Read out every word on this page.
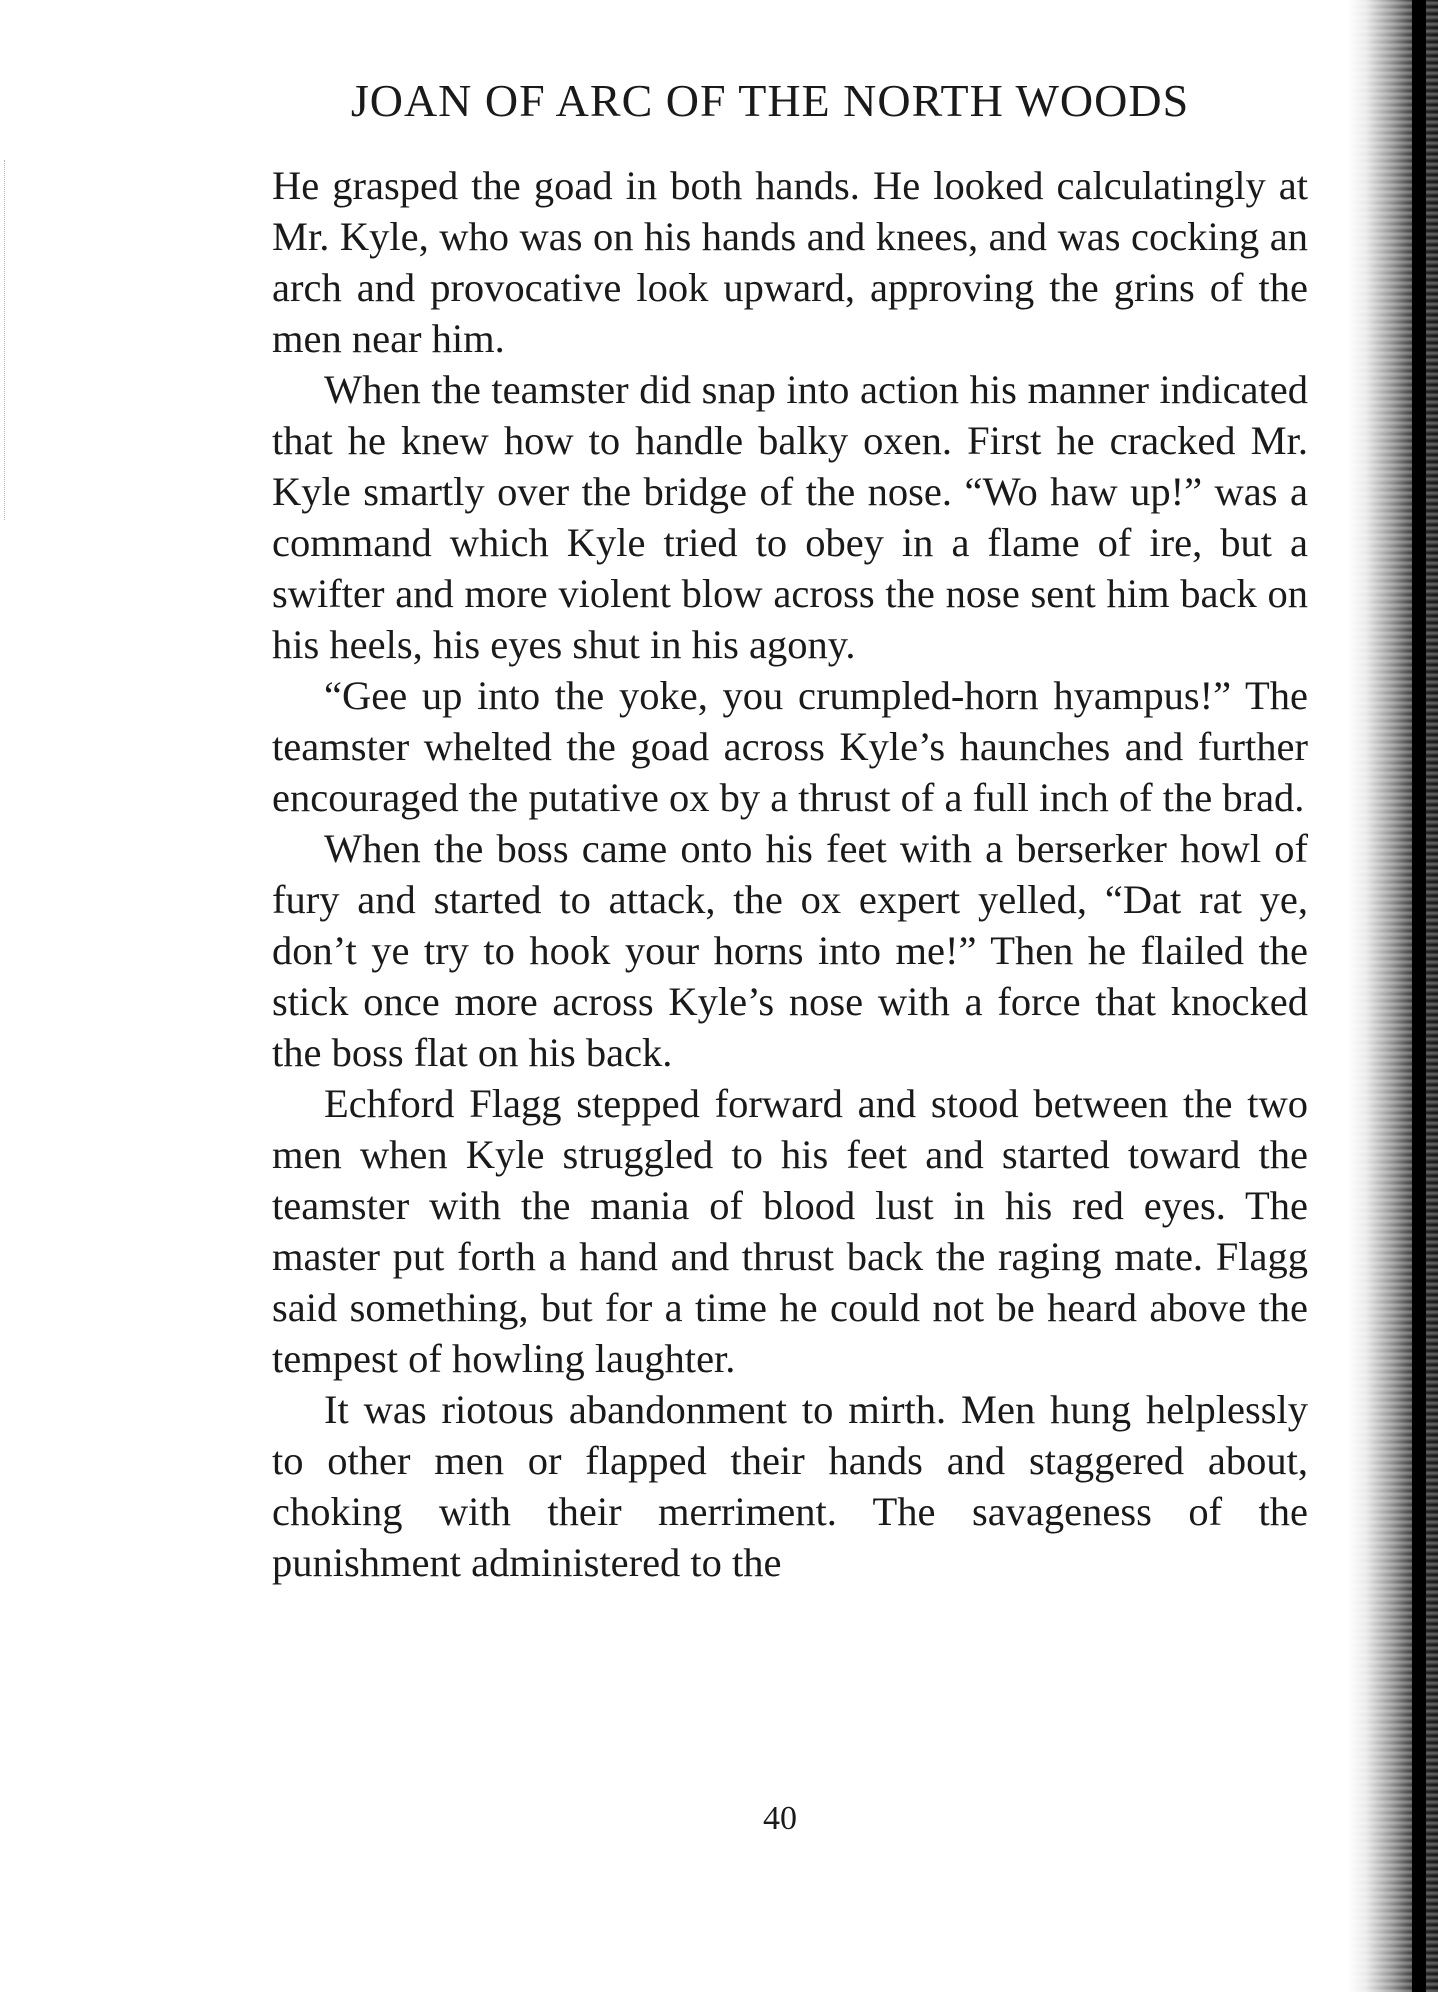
JOAN OF ARC OF THE NORTH WOODS

He grasped the goad in both hands. He looked calculatingly at Mr. Kyle, who was on his hands and knees, and was cocking an arch and provocative look upward, approving the grins of the men near him.

When the teamster did snap into action his manner indicated that he knew how to handle balky oxen. First he cracked Mr. Kyle smartly over the bridge of the nose. “Wo haw up!” was a command which Kyle tried to obey in a flame of ire, but a swifter and more violent blow across the nose sent him back on his heels, his eyes shut in his agony.

“Gee up into the yoke, you crumpled-horn hyampus!” The teamster whelted the goad across Kyle’s haunches and further encouraged the putative ox by a thrust of a full inch of the brad.

When the boss came onto his feet with a berserker howl of fury and started to attack, the ox expert yelled, “Dat rat ye, don’t ye try to hook your horns into me!” Then he flailed the stick once more across Kyle’s nose with a force that knocked the boss flat on his back.

Echford Flagg stepped forward and stood between the two men when Kyle struggled to his feet and started toward the teamster with the mania of blood lust in his red eyes. The master put forth a hand and thrust back the raging mate. Flagg said something, but for a time he could not be heard above the tempest of howling laughter.

It was riotous abandonment to mirth. Men hung helplessly to other men or flapped their hands and staggered about, choking with their merriment. The savageness of the punishment administered to the

40
